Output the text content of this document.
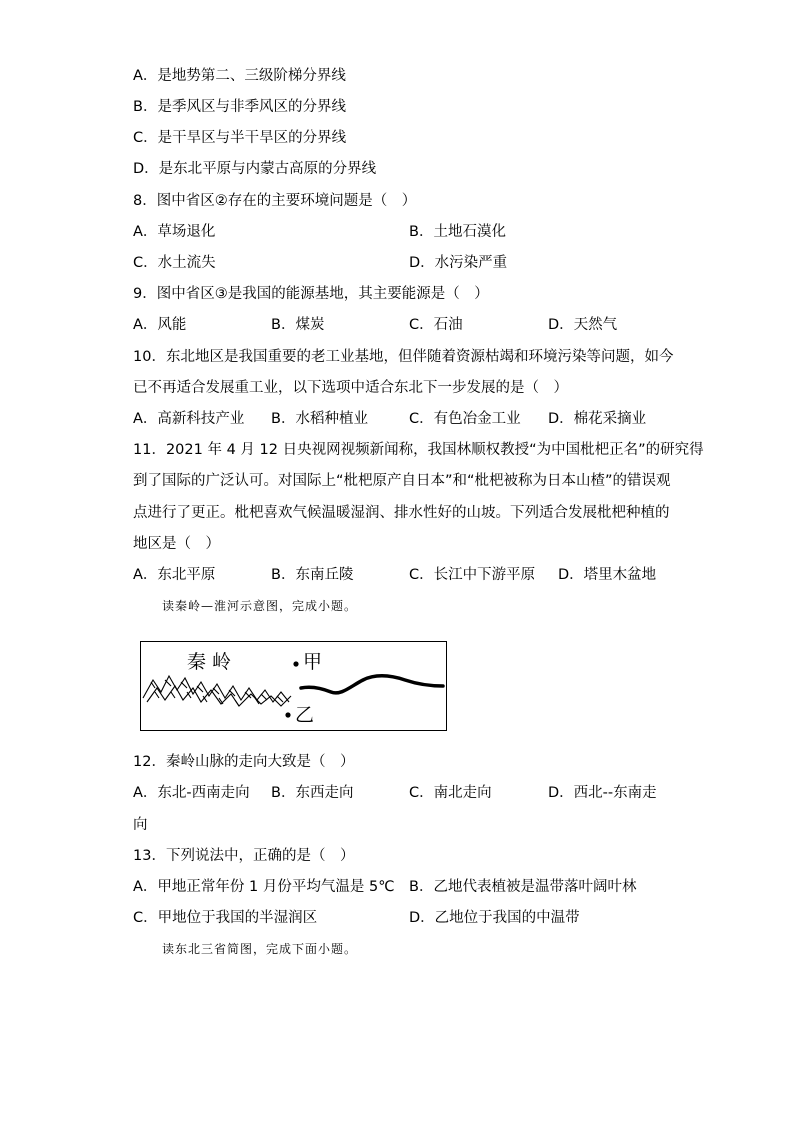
A．是地势第二、三级阶梯分界线
B．是季风区与非季风区的分界线
C．是干旱区与半干旱区的分界线
D．是东北平原与内蒙古高原的分界线
8．图中省区②存在的主要环境问题是（　）
A．草场退化	B．土地石漠化
C．水土流失	D．水污染严重
9．图中省区③是我国的能源基地，其主要能源是（　）
A．风能	B．煤炭	C．石油	D．天然气
10．东北地区是我国重要的老工业基地，但伴随着资源枯竭和环境污染等问题，如今
已不再适合发展重工业，以下选项中适合东北下一步发展的是（　）
A．高新科技产业 B．水稻种植业	C．有色冶金工业 D．棉花采摘业
11．2021 年 4 月 12 日央视网视频新闻称，我国林顺权教授“为中国枇杷正名”的研究得
到了国际的广泛认可。对国际上“枇杷原产自日本”和“枇杷被称为日本山楂”的错误观
点进行了更正。枇杷喜欢气候温暖湿润、排水性好的山坡。下列适合发展枇杷种植的
地区是（　）
A．东北平原	B．东南丘陵	C．长江中下游平原 D．塔里木盆地
读秦岭—淮河示意图，完成小题。
秦 岭	甲
乙
12．秦岭山脉的走向大致是（　）
A．东北-西南走向 B．东西走向	C．南北走向	D．西北--东南走
向
13．下列说法中，正确的是（　）
A．甲地正常年份 1 月份平均气温是 5℃ B．乙地代表植被是温带落叶阔叶林
C．甲地位于我国的半湿润区	D．乙地位于我国的中温带
读东北三省简图，完成下面小题。
